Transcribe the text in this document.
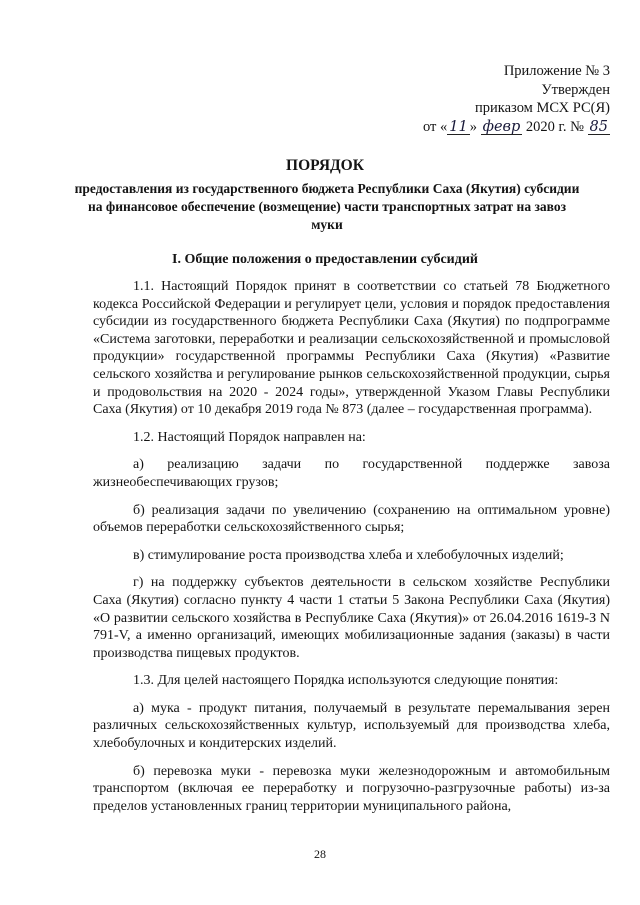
Приложение № 3
Утвержден
приказом МСХ РС(Я)
от « 11 » февр 2020 г. № 85
ПОРЯДОК
предоставления из государственного бюджета Республики Саха (Якутия) субсидии на финансовое обеспечение (возмещение) части транспортных затрат на завоз муки
I. Общие положения о предоставлении субсидий

1.1. Настоящий Порядок принят в соответствии со статьей 78 Бюджетного кодекса Российской Федерации и регулирует цели, условия и порядок предоставления субсидии из государственного бюджета Республики Саха (Якутия) по подпрограмме «Система заготовки, переработки и реализации сельскохозяйственной и промысловой продукции» государственной программы Республики Саха (Якутия) «Развитие сельского хозяйства и регулирование рынков сельскохозяйственной продукции, сырья и продовольствия на 2020 - 2024 годы», утвержденной Указом Главы Республики Саха (Якутия) от 10 декабря 2019 года № 873 (далее – государственная программа).

1.2. Настоящий Порядок направлен на:

а) реализацию задачи по государственной поддержке завоза жизнеобеспечивающих грузов;

б) реализация задачи по увеличению (сохранению на оптимальном уровне) объемов переработки сельскохозяйственного сырья;

в) стимулирование роста производства хлеба и хлебобулочных изделий;

г) на поддержку субъектов деятельности в сельском хозяйстве Республики Саха (Якутия) согласно пункту 4 части 1 статьи 5 Закона Республики Саха (Якутия) «О развитии сельского хозяйства в Республике Саха (Якутия)» от 26.04.2016 1619-З N 791-V, а именно организаций, имеющих мобилизационные задания (заказы) в части производства пищевых продуктов.

1.3. Для целей настоящего Порядка используются следующие понятия:

а) мука - продукт питания, получаемый в результате перемалывания зерен различных сельскохозяйственных культур, используемый для производства хлеба, хлебобулочных и кондитерских изделий.

б) перевозка муки - перевозка муки железнодорожным и автомобильным транспортом (включая ее переработку и погрузочно-разгрузочные работы) из-за пределов установленных границ территории муниципального района,

28
